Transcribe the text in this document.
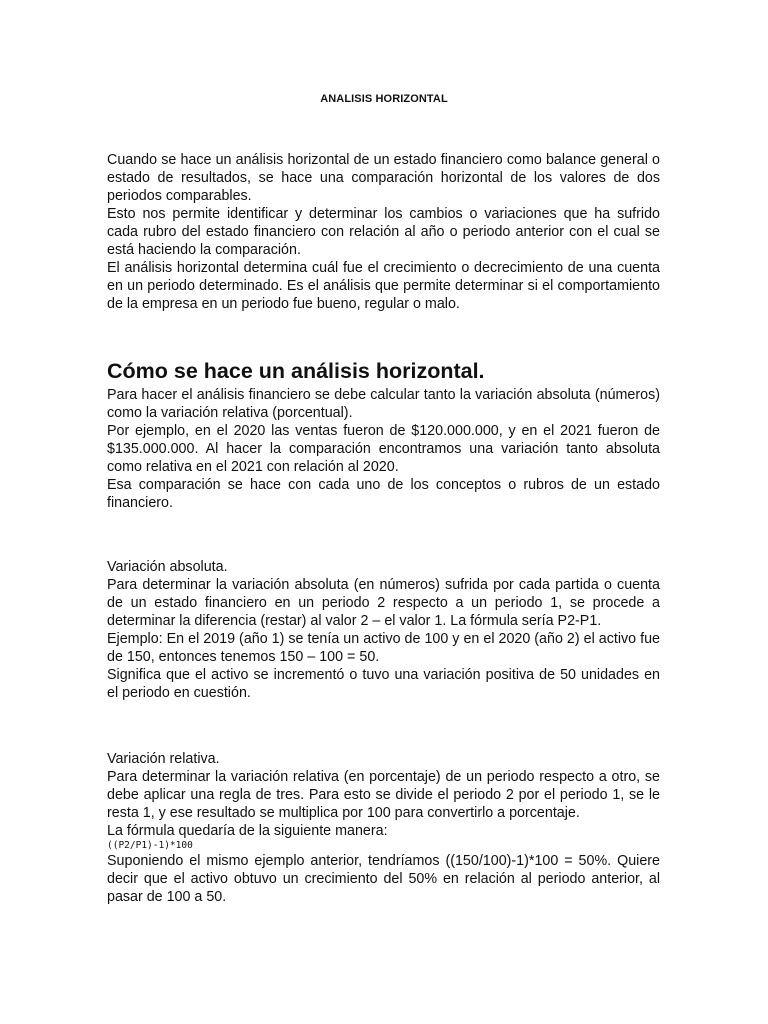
ANALISIS HORIZONTAL

Cuando se hace un análisis horizontal de un estado financiero como balance general o estado de resultados, se hace una comparación horizontal de los valores de dos periodos comparables.

Esto nos permite identificar y determinar los cambios o variaciones que ha sufrido cada rubro del estado financiero con relación al año o periodo anterior con el cual se está haciendo la comparación.

El análisis horizontal determina cuál fue el crecimiento o decrecimiento de una cuenta en un periodo determinado. Es el análisis que permite determinar si el comportamiento de la empresa en un periodo fue bueno, regular o malo.

Cómo se hace un análisis horizontal.

Para hacer el análisis financiero se debe calcular tanto la variación absoluta (números) como la variación relativa (porcentual).

Por ejemplo, en el 2020 las ventas fueron de $120.000.000, y en el 2021 fueron de $135.000.000. Al hacer la comparación encontramos una variación tanto absoluta como relativa en el 2021 con relación al 2020.

Esa comparación se hace con cada uno de los conceptos o rubros de un estado financiero.

Variación absoluta.

Para determinar la variación absoluta (en números) sufrida por cada partida o cuenta de un estado financiero en un periodo 2 respecto a un periodo 1, se procede a determinar la diferencia (restar) al valor 2 – el valor 1. La fórmula sería P2-P1.

Ejemplo: En el 2019 (año 1) se tenía un activo de 100 y en el 2020 (año 2) el activo fue de 150, entonces tenemos 150 – 100 = 50.

Significa que el activo se incrementó o tuvo una variación positiva de 50 unidades en el periodo en cuestión.

Variación relativa.

Para determinar la variación relativa (en porcentaje) de un periodo respecto a otro, se debe aplicar una regla de tres. Para esto se divide el periodo 2 por el periodo 1, se le resta 1, y ese resultado se multiplica por 100 para convertirlo a porcentaje.

La fórmula quedaría de la siguiente manera:

((P2/P1)-1)*100

Suponiendo el mismo ejemplo anterior, tendríamos ((150/100)-1)*100 = 50%. Quiere decir que el activo obtuvo un crecimiento del 50% en relación al periodo anterior, al pasar de 100 a 50.
